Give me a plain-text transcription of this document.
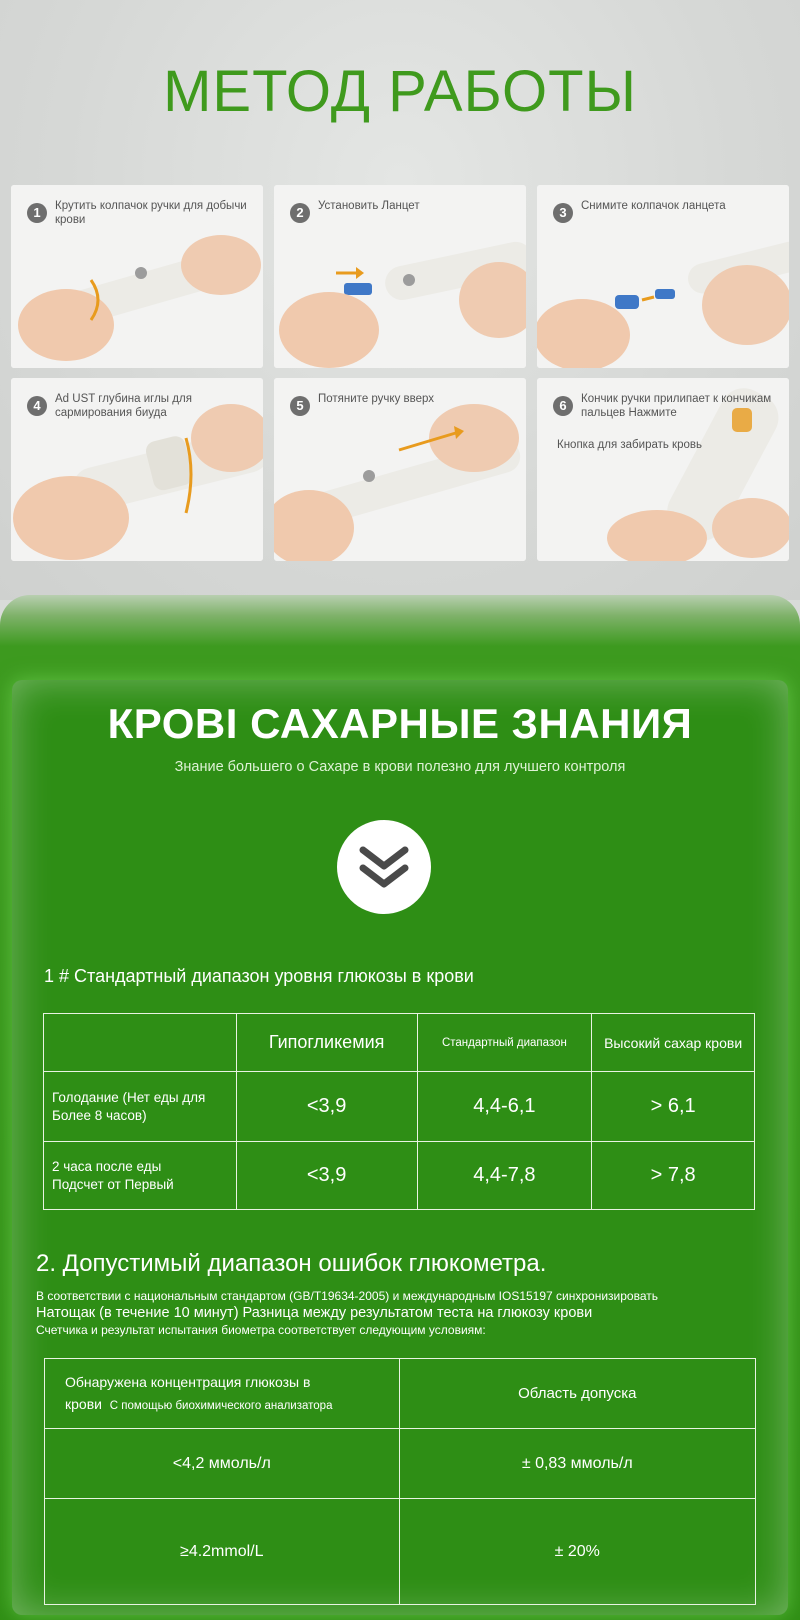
МЕТОД РАБОТЫ
1	Крутить колпачок ручки для добычи крови	2	Установить Ланцет	3	Снимите колпачок ланцета
4	Ad UST глубина иглы для сармирования биуда	5	Потяните ручку вверх	6	Кончик ручки прилипает к кончикам пальцев Нажмите
Кнопка для забирать кровь
КРОВI САХАРНЫЕ ЗНАНИЯ
Знание большего о Сахаре в крови полезно для лучшего контроля
1 # Стандартный диапазон уровня глюкозы в крови
	Гипогликемия	Стандартный диапазон	Высокий сахар крови

Голодание (Нет еды для
Более 8 часов)	<3,9	4,4-6,1	> 6,1

2 часа после еды
Подсчет от Первый	<3,9	4,4-7,8	> 7,8
2. Допустимый диапазон ошибок глюкометра.
В соответствии с национальным стандартом (GB/T19634-2005) и международным IOS15197 синхронизировать
Натощак (в течение 10 минут) Разница между результатом теста на глюкозу крови
Счетчика и результат испытания биометра соответствует следующим условиям:
Обнаружена концентрация глюкозы в
крови С помощью биохимического анализатора	Область допуска
<4,2 ммоль/л	± 0,83 ммоль/л
≥4.2mmol/L	± 20%
